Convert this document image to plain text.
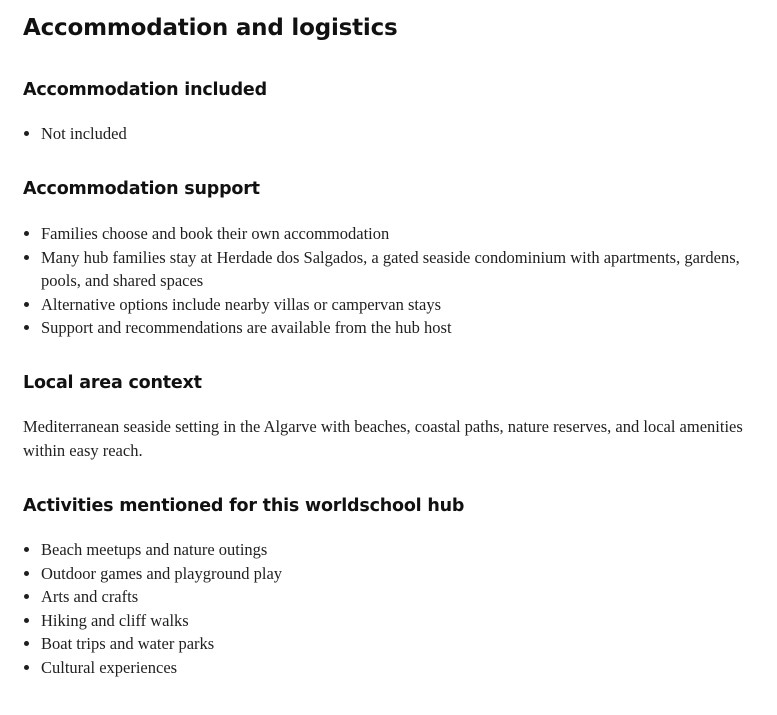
Accommodation and logistics
Accommodation included
• Not included
Accommodation support
• Families choose and book their own accommodation
• Many hub families stay at Herdade dos Salgados, a gated seaside condominium with apartments, gardens, pools, and shared spaces
• Alternative options include nearby villas or campervan stays
• Support and recommendations are available from the hub host
Local area context

Mediterranean seaside setting in the Algarve with beaches, coastal paths, nature reserves, and local amenities within easy reach.

Activities mentioned for this worldschool hub
• Beach meetups and nature outings
• Outdoor games and playground play
• Arts and crafts
• Hiking and cliff walks
• Boat trips and water parks
• Cultural experiences
